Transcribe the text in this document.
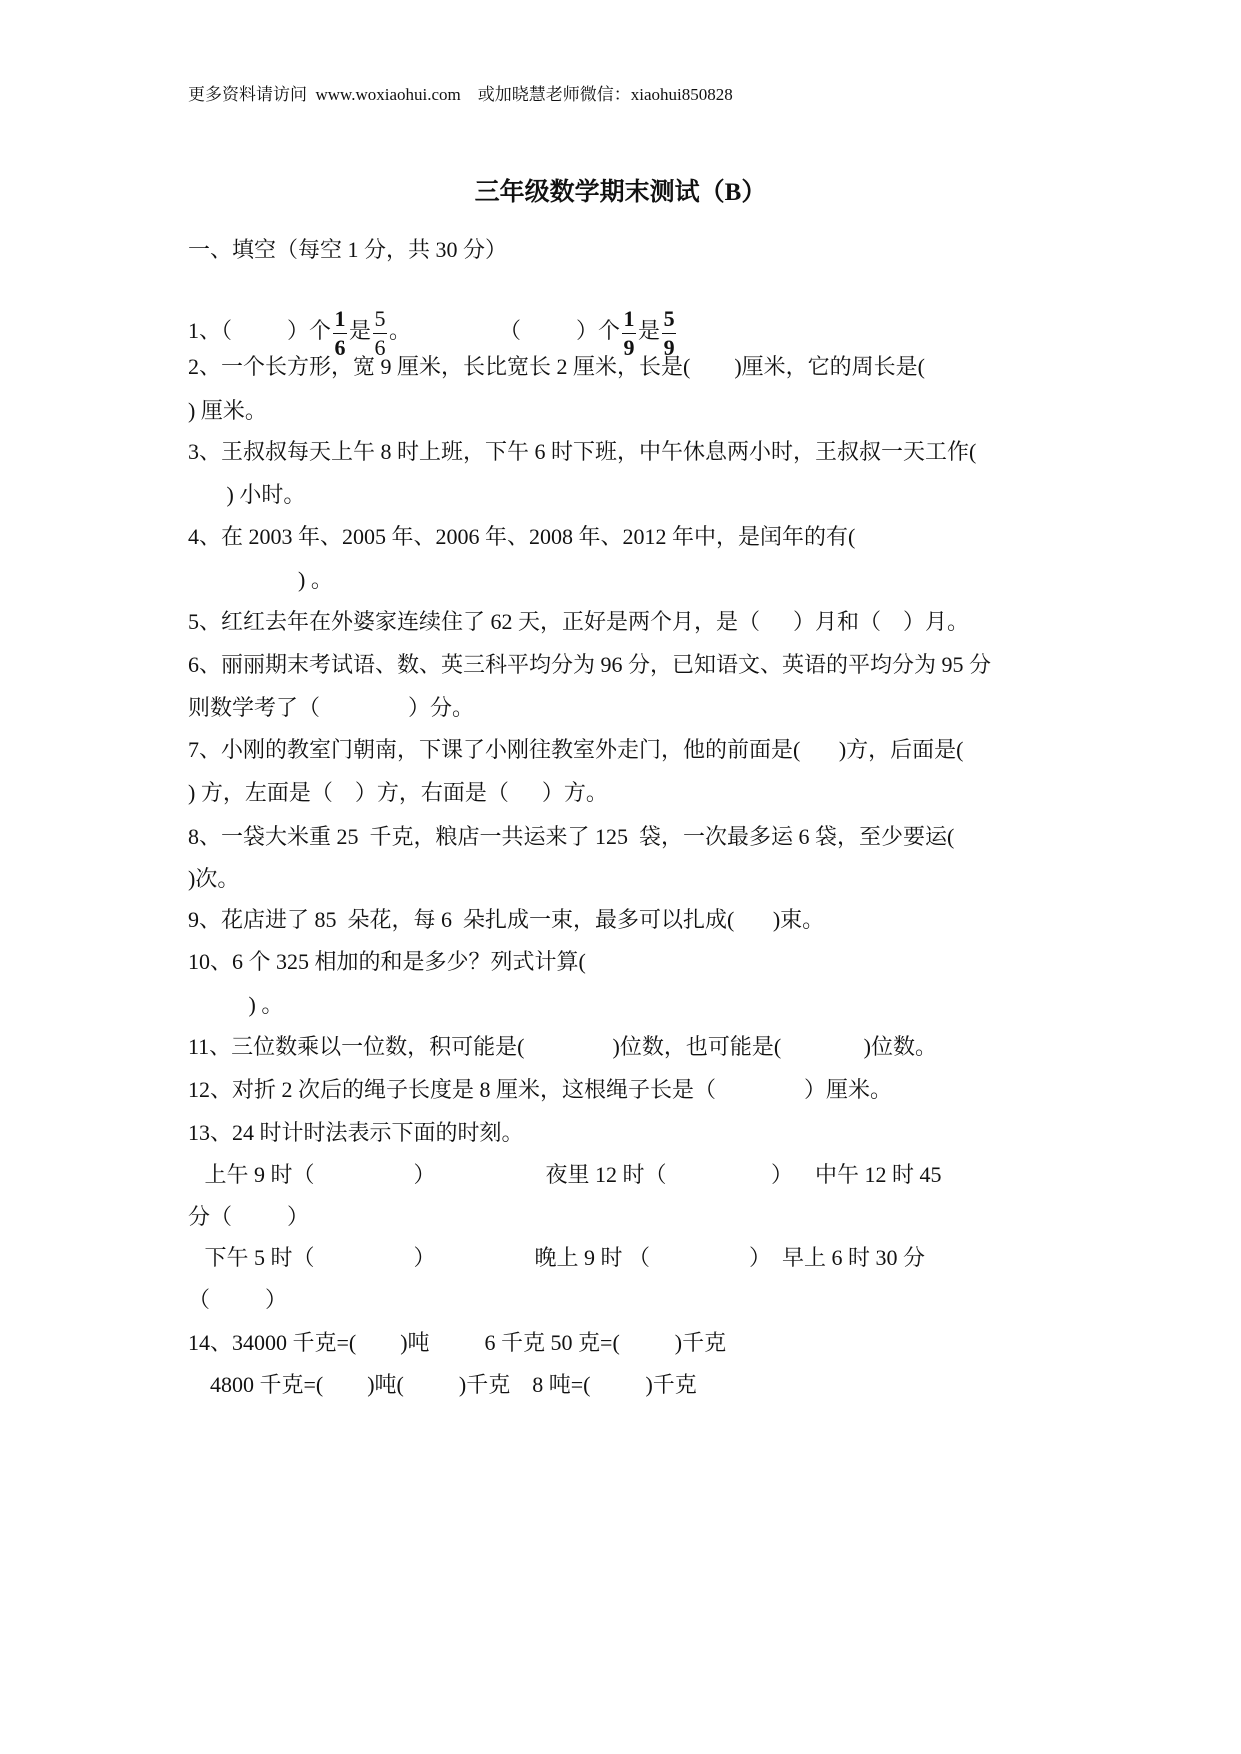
更多资料请访问  www.woxiaohui.com    或加晓慧老师微信：xiaohui850828
三年级数学期末测试（B）
一、填空（每空 1 分，共 30 分）
1、（          ）个 $\frac{1}{6}$ 是 $\frac{5}{6}$ 。                （          ）个 $\frac{1}{9}$ 是 $\frac{5}{9}$
2、一个长方形，宽 9 厘米，长比宽长 2 厘米，长是(        )厘米，它的周长是(
) 厘米。
3、王叔叔每天上午 8 时上班，下午 6 时下班，中午休息两小时，王叔叔一天工作(
) 小时。
4、在 2003 年、2005 年、2006 年、2008 年、2012 年中，是闰年的有(
) 。
5、红红去年在外婆家连续住了 62 天，正好是两个月，是（      ）月和（    ）月。
6、丽丽期末考试语、数、英三科平均分为 96 分，已知语文、英语的平均分为 95 分
则数学考了（                ）分。
7、小刚的教室门朝南，下课了小刚往教室外走门，他的前面是(       )方，后面是(
) 方，左面是（    ）方，右面是（      ）方。
8、一袋大米重 25  千克，粮店一共运来了 125  袋，一次最多运 6 袋，至少要运(
)次。
9、花店进了 85  朵花，每 6  朵扎成一束，最多可以扎成(       )束。
10、6 个 325 相加的和是多少？列式计算(
) 。
11、三位数乘以一位数，积可能是(                )位数，也可能是(               )位数。
12、对折 2 次后的绳子长度是 8 厘米，这根绳子长是（                ）厘米。
13、24 时计时法表示下面的时刻。
上午 9 时（                  ）                    夜里 12 时（                   ）    中午 12 时 45
分（          ）
下午 5 时（                  ）                  晚上 9 时 （                  ）  早上 6 时 30 分
（          ）
14、34000 千克=(        )吨          6 千克 50 克=(          )千克
4800 千克=(        )吨(          )千克    8 吨=(          )千克
